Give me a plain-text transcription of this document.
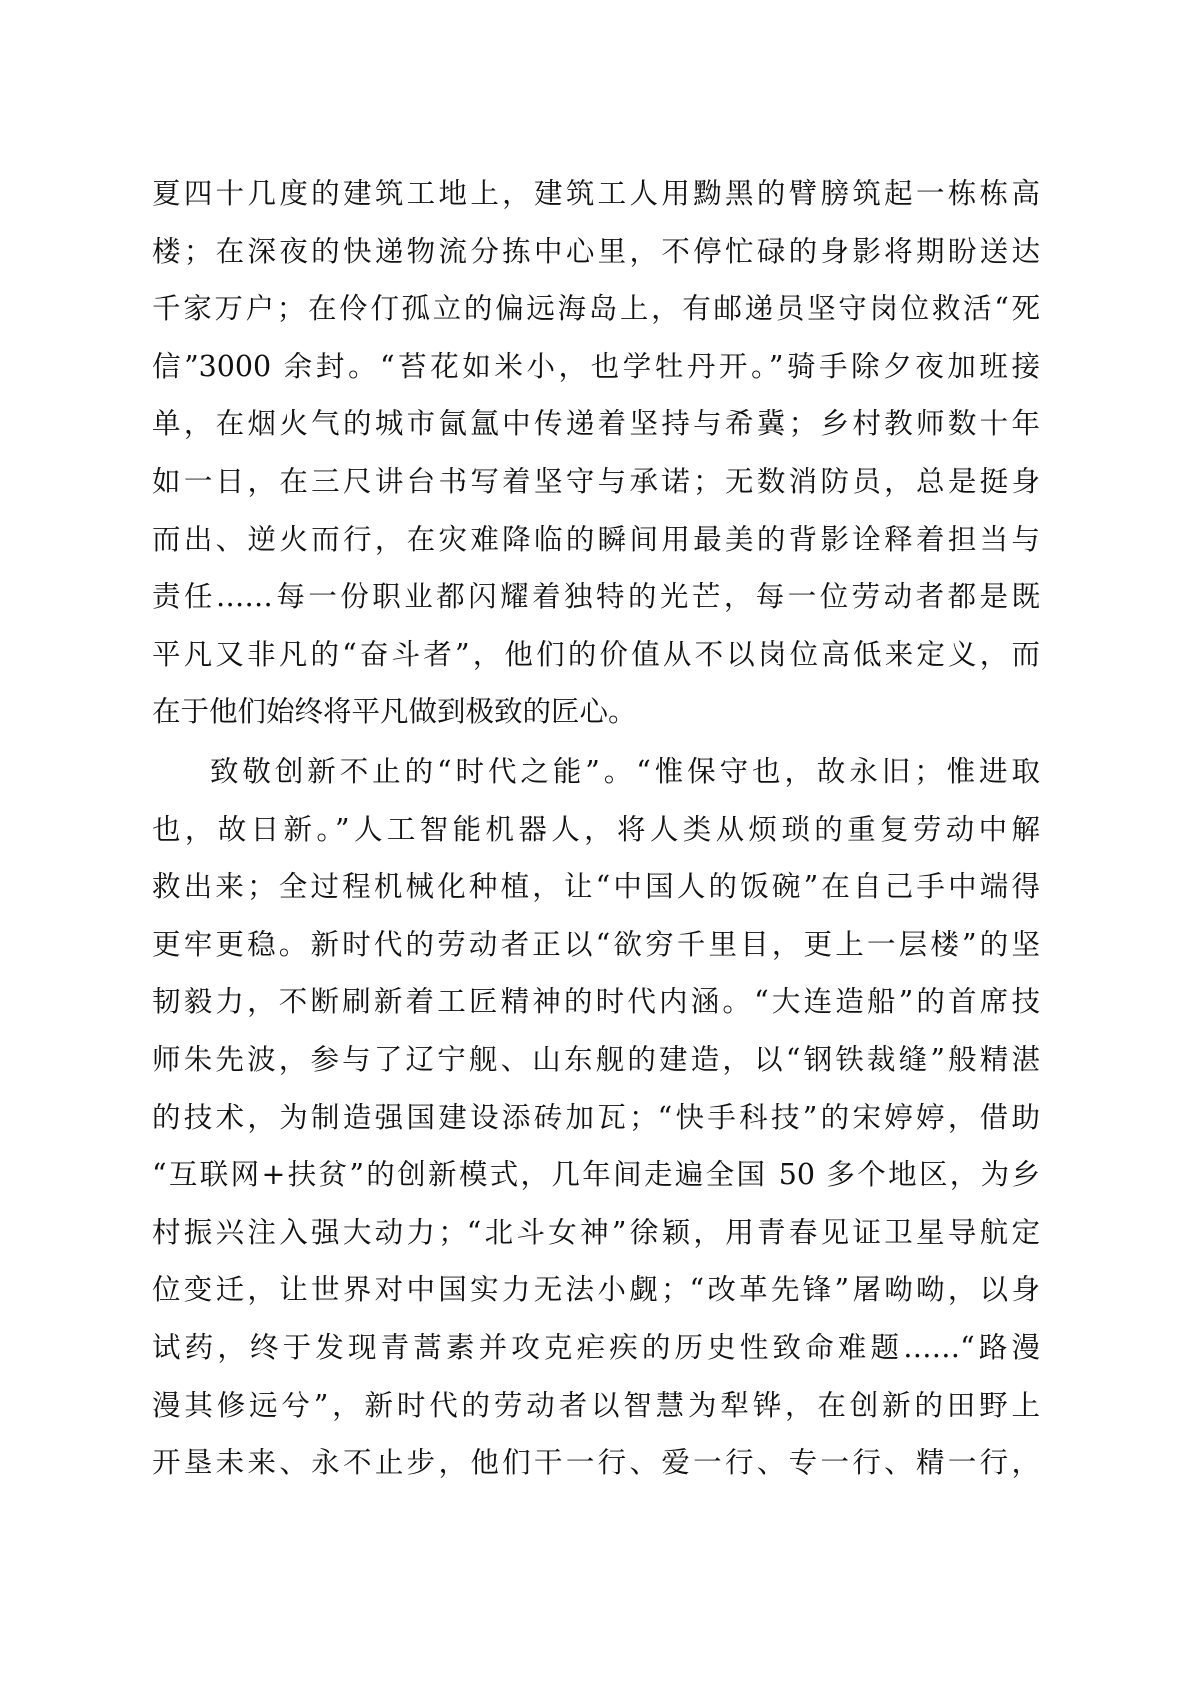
夏四十几度的建筑工地上，建筑工人用黝黑的臂膀筑起一栋栋高
楼；在深夜的快递物流分拣中心里，不停忙碌的身影将期盼送达
千家万户；在伶仃孤立的偏远海岛上，有邮递员坚守岗位救活“死
信”3000 余封。“苔花如米小，也学牡丹开。”骑手除夕夜加班接
单，在烟火气的城市氤氲中传递着坚持与希冀；乡村教师数十年
如一日，在三尺讲台书写着坚守与承诺；无数消防员，总是挺身
而出、逆火而行，在灾难降临的瞬间用最美的背影诠释着担当与
责任……每一份职业都闪耀着独特的光芒，每一位劳动者都是既
平凡又非凡的“奋斗者”，他们的价值从不以岗位高低来定义，而
在于他们始终将平凡做到极致的匠心。
致敬创新不止的“时代之能”。“惟保守也，故永旧；惟进取
也，故日新。”人工智能机器人，将人类从烦琐的重复劳动中解
救出来；全过程机械化种植，让“中国人的饭碗”在自己手中端得
更牢更稳。新时代的劳动者正以“欲穷千里目，更上一层楼”的坚
韧毅力，不断刷新着工匠精神的时代内涵。“大连造船”的首席技
师朱先波，参与了辽宁舰、山东舰的建造，以“钢铁裁缝”般精湛
的技术，为制造强国建设添砖加瓦；“快手科技”的宋婷婷，借助
“互联网+扶贫”的创新模式，几年间走遍全国 50 多个地区，为乡
村振兴注入强大动力；“北斗女神”徐颖，用青春见证卫星导航定
位变迁，让世界对中国实力无法小觑；“改革先锋”屠呦呦，以身
试药，终于发现青蒿素并攻克疟疾的历史性致命难题……“路漫
漫其修远兮”，新时代的劳动者以智慧为犁铧，在创新的田野上
开垦未来、永不止步，他们干一行、爱一行、专一行、精一行，
